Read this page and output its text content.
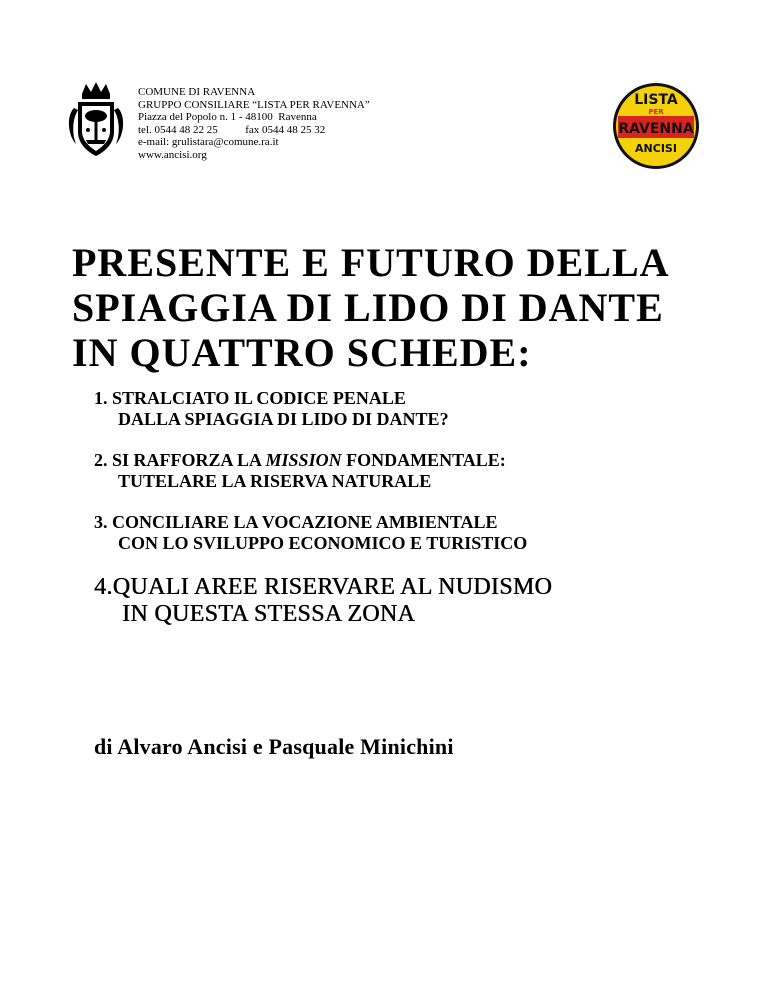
COMUNE DI RAVENNA
GRUPPO CONSILIARE “LISTA PER RAVENNA”
Piazza del Popolo n. 1 - 48100  Ravenna
tel. 0544 48 22 25          fax 0544 48 25 32
e-mail: grulistara@comune.ra.it
www.ancisi.org
LISTA
PER
RAVENNA
ANCISI
PRESENTE E FUTURO DELLA
SPIAGGIA DI LIDO DI DANTE
IN QUATTRO SCHEDE:
1. STRALCIATO IL CODICE PENALE
DALLA SPIAGGIA DI LIDO DI DANTE?
2. SI RAFFORZA LA MISSION FONDAMENTALE:
TUTELARE LA RISERVA NATURALE
3. CONCILIARE LA VOCAZIONE AMBIENTALE
CON LO SVILUPPO ECONOMICO E TURISTICO
4.QUALI AREE RISERVARE AL NUDISMO
IN QUESTA STESSA ZONA
di Alvaro Ancisi e Pasquale Minichini
